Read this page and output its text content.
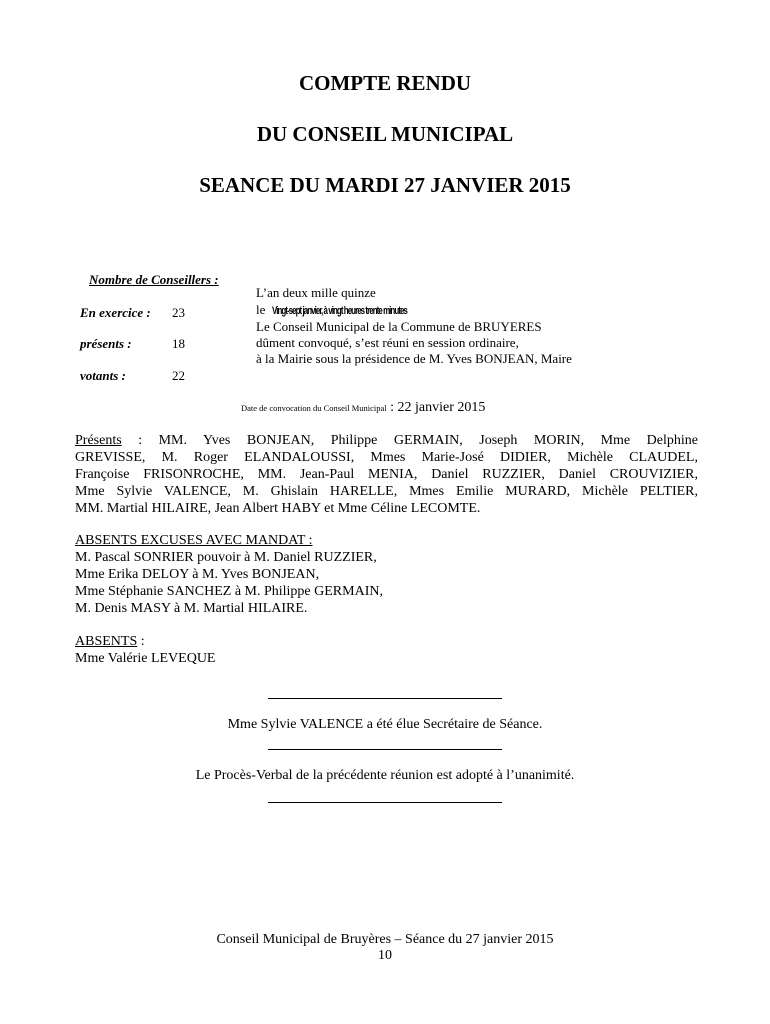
COMPTE RENDU
DU CONSEIL MUNICIPAL
SEANCE DU MARDI 27 JANVIER 2015
Nombre de Conseillers :
En exercice : 23
présents :	18
votants :	22
L’an deux mille quinze
le Vingt-sept janvier, à vingt heures trente minutes
Le Conseil Municipal de la Commune de BRUYERES
dûment convoqué, s’est réuni en session ordinaire,
à la Mairie sous la présidence de M. Yves BONJEAN, Maire
Date de convocation du Conseil Municipal : 22 janvier 2015
Présents : MM. Yves BONJEAN, Philippe GERMAIN, Joseph MORIN, Mme Delphine
GREVISSE, M. Roger ELANDALOUSSI, Mmes Marie-José DIDIER, Michèle CLAUDEL,
Françoise FRISONROCHE, MM. Jean-Paul MENIA, Daniel RUZZIER, Daniel CROUVIZIER,
Mme Sylvie VALENCE, M. Ghislain HARELLE, Mmes Emilie MURARD, Michèle PELTIER,
MM. Martial HILAIRE, Jean Albert HABY et Mme Céline LECOMTE.
ABSENTS EXCUSES AVEC MANDAT :
M. Pascal SONRIER pouvoir à M. Daniel RUZZIER,
Mme Erika DELOY à M. Yves BONJEAN,
Mme Stéphanie SANCHEZ à M. Philippe GERMAIN,
M. Denis MASY à M. Martial HILAIRE.
ABSENTS :
Mme Valérie LEVEQUE
Mme Sylvie VALENCE a été élue Secrétaire de Séance.
Le Procès-Verbal de la précédente réunion est adopté à l’unanimité.
Conseil Municipal de Bruyères – Séance du 27 janvier 2015
10
